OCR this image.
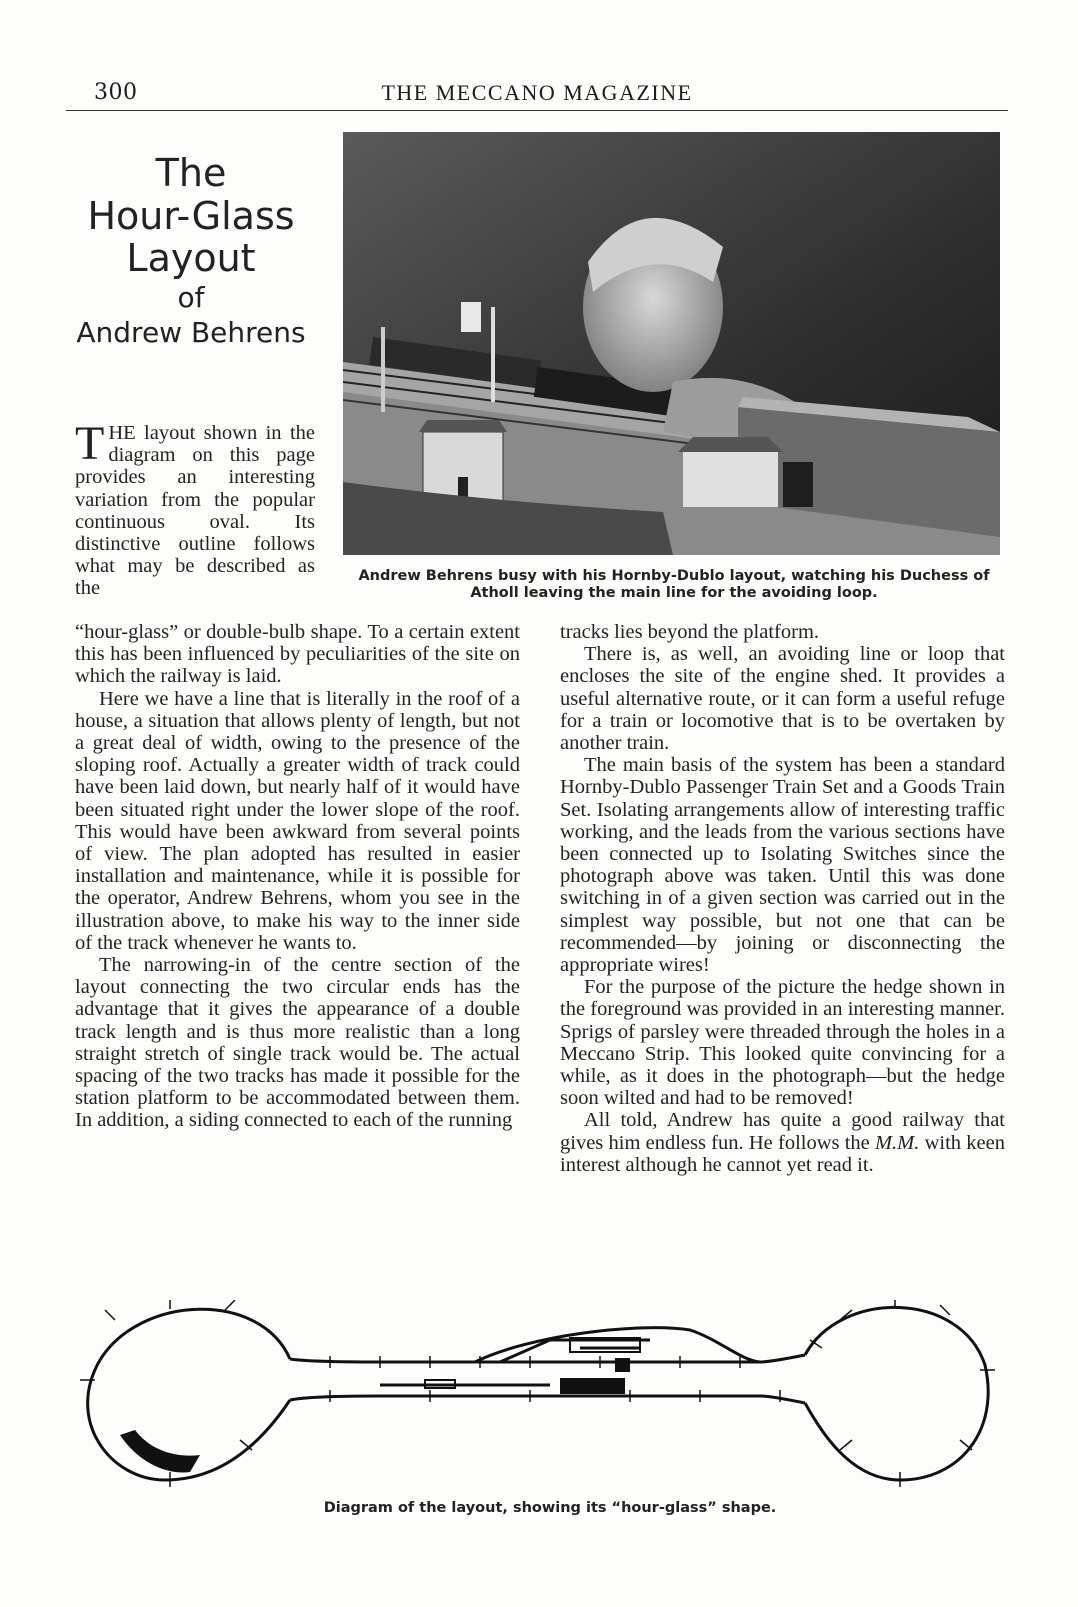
300	THE MECCANO MAGAZINE
The
Hour-Glass
Layout
of
Andrew Behrens
Andrew Behrens busy with his Hornby-Dublo layout, watching his Duchess of Atholl leaving the main line for the avoiding loop.
T HE layout shown in the diagram on this page provides an interesting variation from the popular continuous oval. Its distinctive outline follows what may be described as the

“hour-glass” or double-bulb shape. To a certain extent this has been influenced by peculiarities of the site on which the railway is laid.

Here we have a line that is literally in the roof of a house, a situation that allows plenty of length, but not a great deal of width, owing to the presence of the sloping roof. Actually a greater width of track could have been laid down, but nearly half of it would have been situated right under the lower slope of the roof. This would have been awkward from several points of view. The plan adopted has resulted in easier installation and maintenance, while it is possible for the operator, Andrew Behrens, whom you see in the illustration above, to make his way to the inner side of the track whenever he wants to.

The narrowing-in of the centre section of the layout connecting the two circular ends has the advantage that it gives the appearance of a double track length and is thus more realistic than a long straight stretch of single track would be. The actual spacing of the two tracks has made it possible for the station platform to be accommodated between them. In addition, a siding connected to each of the running

tracks lies beyond the platform.

There is, as well, an avoiding line or loop that encloses the site of the engine shed. It provides a useful alternative route, or it can form a useful refuge for a train or locomotive that is to be overtaken by another train.

The main basis of the system has been a standard Hornby-Dublo Passenger Train Set and a Goods Train Set. Isolating arrangements allow of interesting traffic working, and the leads from the various sections have been connected up to Isolating Switches since the photograph above was taken. Until this was done switching in of a given section was carried out in the simplest way possible, but not one that can be recommended—by joining or disconnecting the appropriate wires!

For the purpose of the picture the hedge shown in the foreground was provided in an interesting manner. Sprigs of parsley were threaded through the holes in a Meccano Strip. This looked quite convincing for a while, as it does in the photograph—but the hedge soon wilted and had to be removed!

All told, Andrew has quite a good railway that gives him endless fun. He follows the M.M. with keen interest although he cannot yet read it.

Diagram of the layout, showing its “hour-glass” shape.
